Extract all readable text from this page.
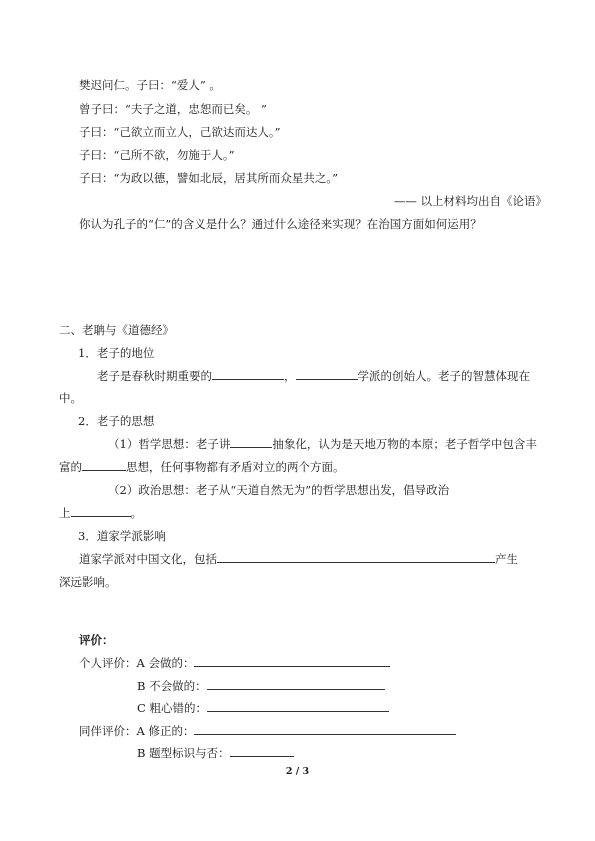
樊迟问仁。子曰：“爱人” 。
曾子曰：“夫子之道，忠恕而已矣。 ”
子曰：“己欲立而立人，己欲达而达人。”
子曰：“己所不欲，勿施于人。”
子曰：“为政以德，譬如北辰，居其所而众星共之。”
—— 以上材料均出自《论语》
你认为孔子的“仁”的含义是什么？通过什么途径来实现？在治国方面如何运用？
二、老聃与《道德经》
1．老子的地位
老子是春秋时期重要的	，	学派的创始人。老子的智慧体现在
中。
2．老子的思想
（1）哲学思想：老子讲	抽象化，认为是天地万物的本原；老子哲学中包含丰
富的	思想，任何事物都有矛盾对立的两个方面。
（2）政治思想：老子从“天道自然无为”的哲学思想出发，倡导政治
上	。
3．道家学派影响
道家学派对中国文化，包括	产生
深远影响。
评价：
个人评价：A 会做的：
B 不会做的：
C 粗心错的：
同伴评价：A 修正的：
B 题型标识与否：
2 / 3
